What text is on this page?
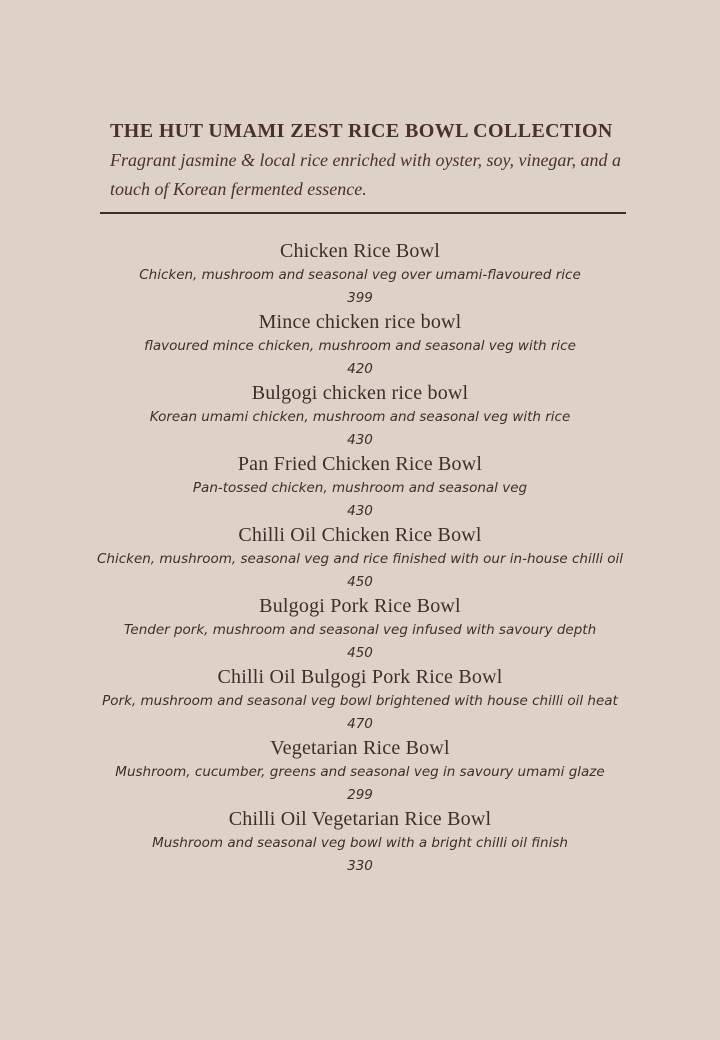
THE HUT UMAMI ZEST RICE BOWL COLLECTION

Fragrant jasmine & local rice enriched with oyster, soy, vinegar, and a touch of Korean fermented essence.

Chicken Rice Bowl
Chicken, mushroom and seasonal veg over umami-flavoured rice
399
Mince chicken rice bowl
flavoured mince chicken, mushroom and seasonal veg with rice
420
Bulgogi chicken rice bowl
Korean umami chicken, mushroom and seasonal veg with rice
430
Pan Fried Chicken Rice Bowl
Pan-tossed chicken, mushroom and seasonal veg
430
Chilli Oil Chicken Rice Bowl
Chicken, mushroom, seasonal veg and rice finished with our in-house chilli oil
450
Bulgogi Pork Rice Bowl
Tender pork, mushroom and seasonal veg infused with savoury depth
450
Chilli Oil Bulgogi Pork Rice Bowl
Pork, mushroom and seasonal veg bowl brightened with house chilli oil heat
470
Vegetarian Rice Bowl
Mushroom, cucumber, greens and seasonal veg in savoury umami glaze
299
Chilli Oil Vegetarian Rice Bowl
Mushroom and seasonal veg bowl with a bright chilli oil finish
330
